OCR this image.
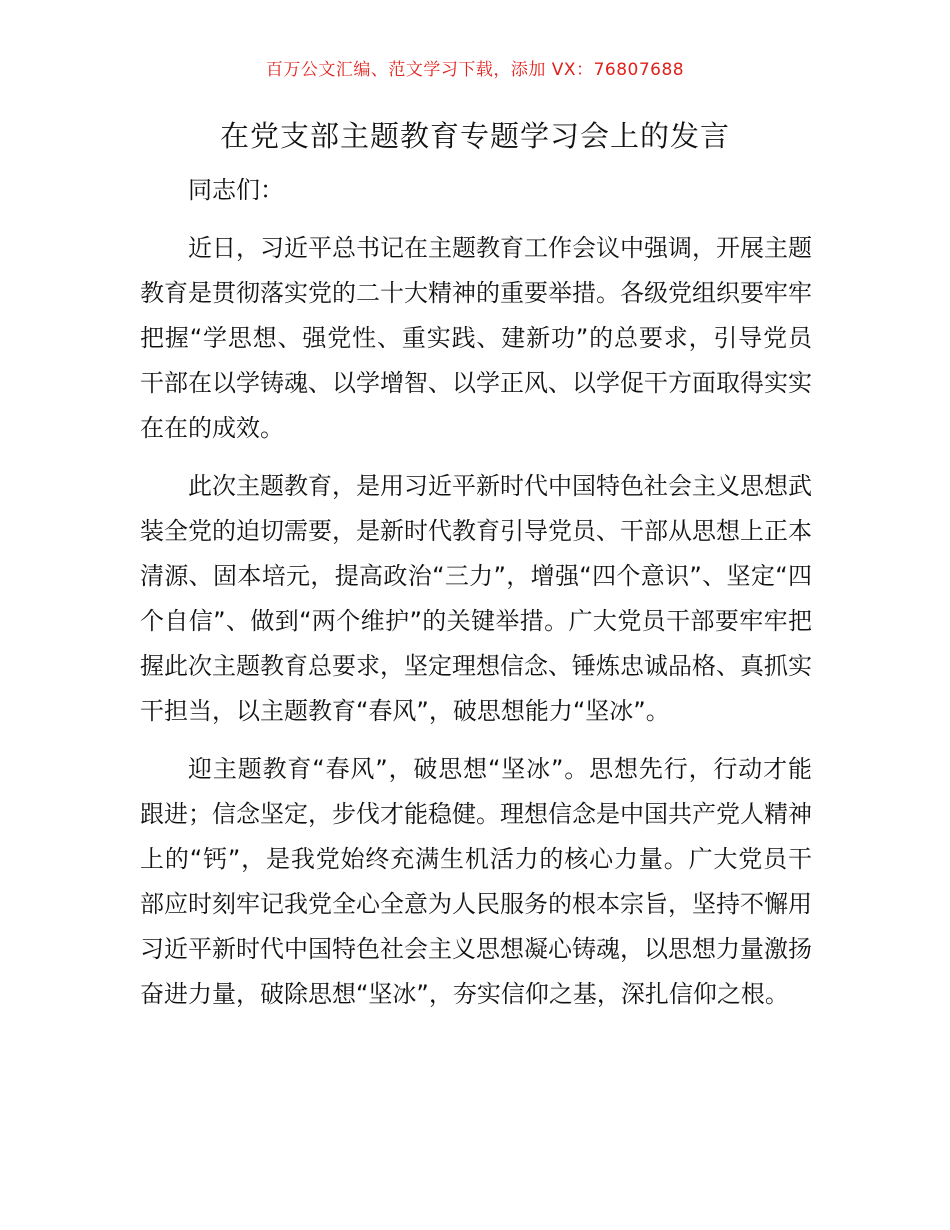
百万公文汇编、范文学习下载，添加 VX：76807688
在党支部主题教育专题学习会上的发言

同志们：

近日，习近平总书记在主题教育工作会议中强调，开展主题教育是贯彻落实党的二十大精神的重要举措。各级党组织要牢牢把握“学思想、强党性、重实践、建新功”的总要求，引导党员干部在以学铸魂、以学增智、以学正风、以学促干方面取得实实在在的成效。

此次主题教育，是用习近平新时代中国特色社会主义思想武装全党的迫切需要，是新时代教育引导党员、干部从思想上正本清源、固本培元，提高政治“三力”，增强“四个意识”、坚定“四个自信”、做到“两个维护”的关键举措。广大党员干部要牢牢把握此次主题教育总要求，坚定理想信念、锤炼忠诚品格、真抓实干担当，以主题教育“春风”，破思想能力“坚冰”。

迎主题教育“春风”，破思想“坚冰”。思想先行，行动才能跟进；信念坚定，步伐才能稳健。理想信念是中国共产党人精神上的“钙”，是我党始终充满生机活力的核心力量。广大党员干部应时刻牢记我党全心全意为人民服务的根本宗旨，坚持不懈用习近平新时代中国特色社会主义思想凝心铸魂，以思想力量激扬奋进力量，破除思想“坚冰”，夯实信仰之基，深扎信仰之根。
